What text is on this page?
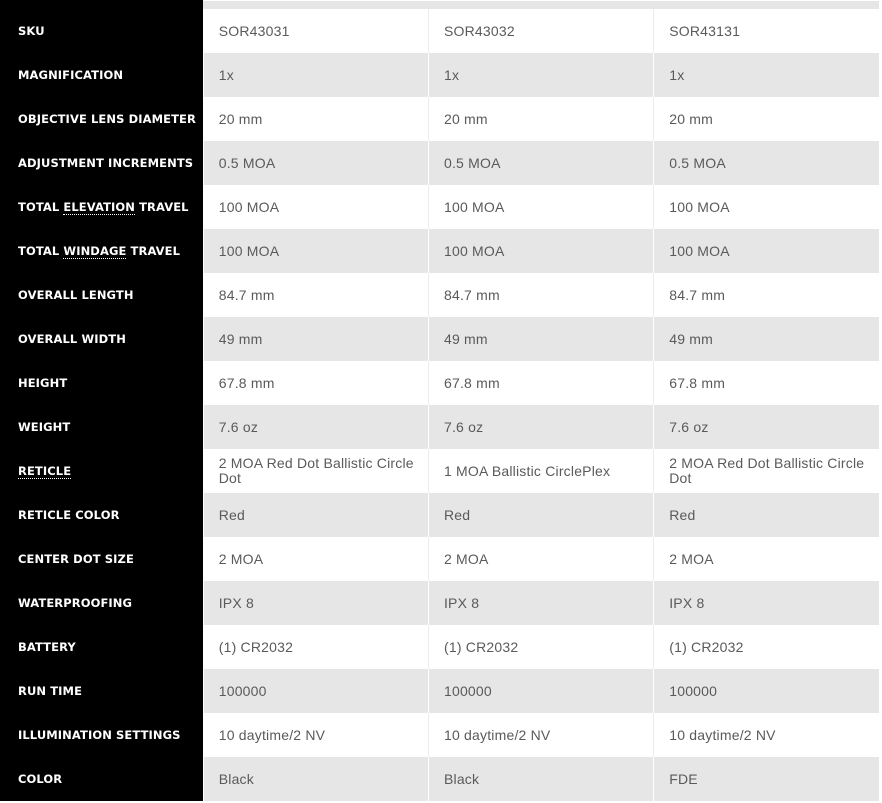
SKU	SOR43031	SOR43032	SOR43131
MAGNIFICATION	1x	1x	1x
OBJECTIVE LENS DIAMETER	20 mm	20 mm	20 mm
ADJUSTMENT INCREMENTS	0.5 MOA	0.5 MOA	0.5 MOA
TOTAL ELEVATION TRAVEL	100 MOA	100 MOA	100 MOA
TOTAL WINDAGE TRAVEL	100 MOA	100 MOA	100 MOA
OVERALL LENGTH	84.7 mm	84.7 mm	84.7 mm
OVERALL WIDTH	49 mm	49 mm	49 mm
HEIGHT	67.8 mm	67.8 mm	67.8 mm
WEIGHT	7.6 oz	7.6 oz	7.6 oz
RETICLE	2 MOA Red Dot Ballistic Circle Dot	1 MOA Ballistic CirclePlex	2 MOA Red Dot Ballistic Circle Dot
RETICLE COLOR	Red	Red	Red
CENTER DOT SIZE	2 MOA	2 MOA	2 MOA
WATERPROOFING	IPX 8	IPX 8	IPX 8
BATTERY	(1) CR2032	(1) CR2032	(1) CR2032
RUN TIME	100000	100000	100000
ILLUMINATION SETTINGS	10 daytime/2 NV	10 daytime/2 NV	10 daytime/2 NV
COLOR	Black	Black	FDE
